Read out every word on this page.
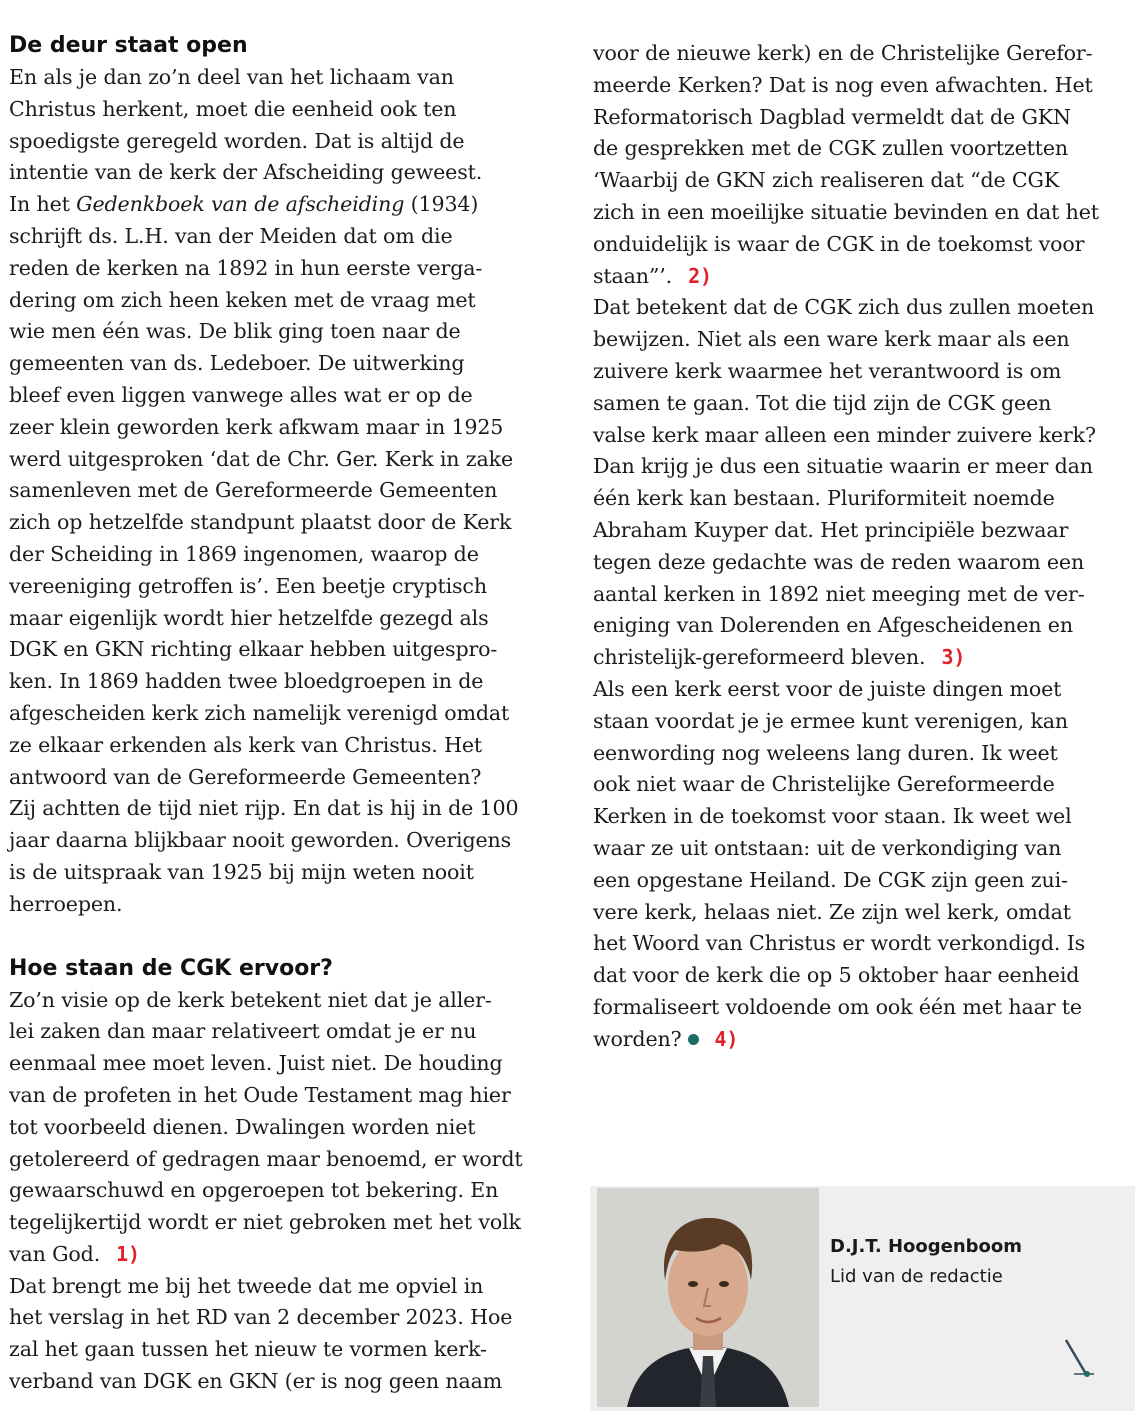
De deur staat open

En als je dan zo’n deel van het lichaam van

Christus herkent, moet die eenheid ook ten

spoedigste geregeld worden. Dat is altijd de

intentie van de kerk der Afscheiding geweest.

In het Gedenkboek van de afscheiding (1934)

schrijft ds. L.H. van der Meiden dat om die

reden de kerken na 1892 in hun eerste verga-

dering om zich heen keken met de vraag met

wie men één was. De blik ging toen naar de

gemeenten van ds. Ledeboer. De uitwerking

bleef even liggen vanwege alles wat er op de

zeer klein geworden kerk afkwam maar in 1925

werd uitgesproken ‘dat de Chr. Ger. Kerk in zake

samenleven met de Gereformeerde Gemeenten

zich op hetzelfde standpunt plaatst door de Kerk

der Scheiding in 1869 ingenomen, waarop de

vereeniging getroffen is’. Een beetje cryptisch

maar eigenlijk wordt hier hetzelfde gezegd als

DGK en GKN richting elkaar hebben uitgespro-

ken. In 1869 hadden twee bloedgroepen in de

afgescheiden kerk zich namelijk verenigd omdat

ze elkaar erkenden als kerk van Christus. Het

antwoord van de Gereformeerde Gemeenten?

Zij achtten de tijd niet rijp. En dat is hij in de 100

jaar daarna blijkbaar nooit geworden. Overigens

is de uitspraak van 1925 bij mijn weten nooit

herroepen.

Hoe staan de CGK ervoor?

Zo’n visie op de kerk betekent niet dat je aller-

lei zaken dan maar relativeert omdat je er nu

eenmaal mee moet leven. Juist niet. De houding

van de profeten in het Oude Testament mag hier

tot voorbeeld dienen. Dwalingen worden niet

getolereerd of gedragen maar benoemd, er wordt

gewaarschuwd en opgeroepen tot bekering. En

tegelijkertijd wordt er niet gebroken met het volk

van God. 1)

Dat brengt me bij het tweede dat me opviel in

het verslag in het RD van 2 december 2023. Hoe

zal het gaan tussen het nieuw te vormen kerk-

verband van DGK en GKN (er is nog geen naam

voor de nieuwe kerk) en de Christelijke Gerefor-

meerde Kerken? Dat is nog even afwachten. Het

Reformatorisch Dagblad vermeldt dat de GKN

de gesprekken met de CGK zullen voortzetten

‘Waarbij de GKN zich realiseren dat “de CGK

zich in een moeilijke situatie bevinden en dat het

onduidelijk is waar de CGK in de toekomst voor

staan”’. 2)

Dat betekent dat de CGK zich dus zullen moeten

bewijzen. Niet als een ware kerk maar als een

zuivere kerk waarmee het verantwoord is om

samen te gaan. Tot die tijd zijn de CGK geen

valse kerk maar alleen een minder zuivere kerk?

Dan krijg je dus een situatie waarin er meer dan

één kerk kan bestaan. Pluriformiteit noemde

Abraham Kuyper dat. Het principiële bezwaar

tegen deze gedachte was de reden waarom een

aantal kerken in 1892 niet meeging met de ver-

eniging van Dolerenden en Afgescheidenen en

christelijk-gereformeerd bleven. 3)

Als een kerk eerst voor de juiste dingen moet

staan voordat je je ermee kunt verenigen, kan

eenwording nog weleens lang duren. Ik weet

ook niet waar de Christelijke Gereformeerde

Kerken in de toekomst voor staan. Ik weet wel

waar ze uit ontstaan: uit de verkondiging van

een opgestane Heiland. De CGK zijn geen zui-

vere kerk, helaas niet. Ze zijn wel kerk, omdat

het Woord van Christus er wordt verkondigd. Is

dat voor de kerk die op 5 oktober haar eenheid

formaliseert voldoende om ook één met haar te

worden? 4)

D.J.T. Hoogenboom
Lid van de redactie
